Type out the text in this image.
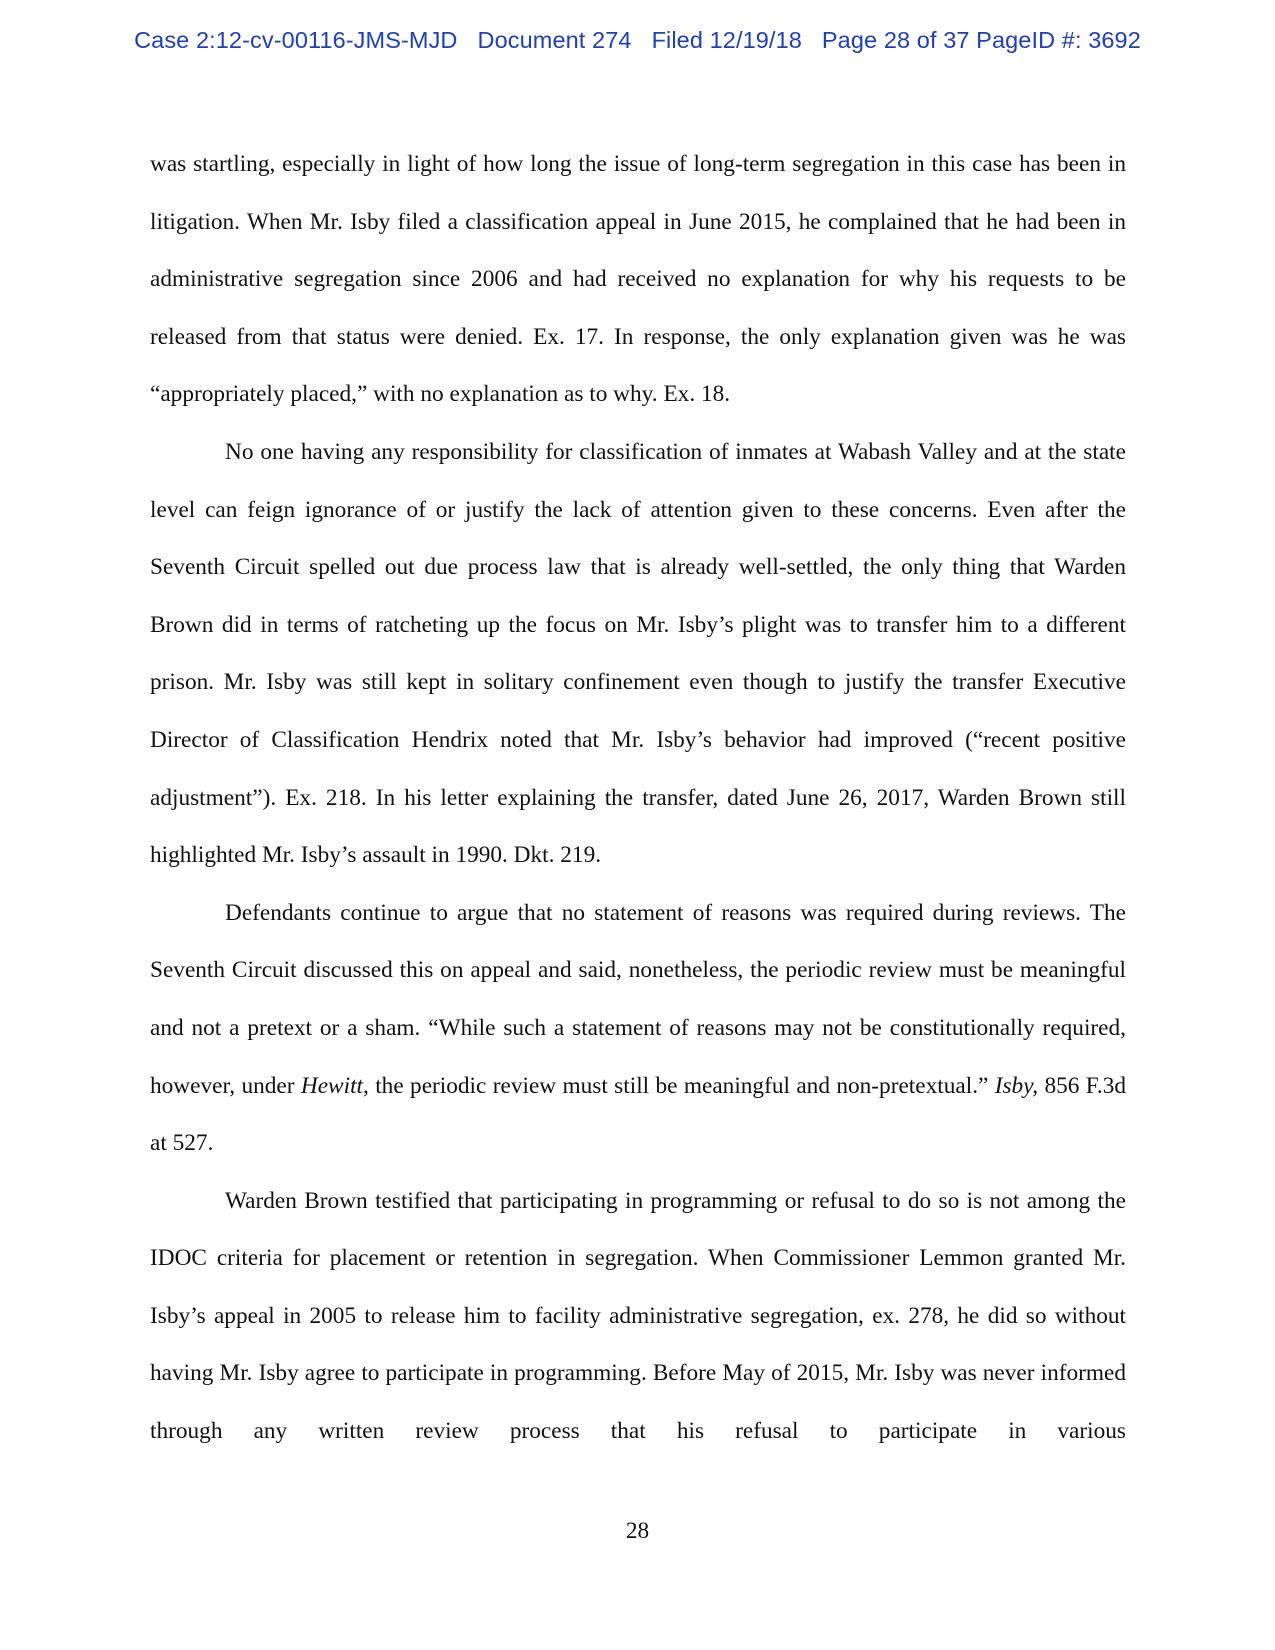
Case 2:12-cv-00116-JMS-MJD Document 274 Filed 12/19/18 Page 28 of 37 PageID #: 3692

was startling, especially in light of how long the issue of long-term segregation in this case has been in litigation. When Mr. Isby filed a classification appeal in June 2015, he complained that he had been in administrative segregation since 2006 and had received no explanation for why his requests to be released from that status were denied. Ex. 17. In response, the only explanation given was he was “appropriately placed,” with no explanation as to why. Ex. 18.

No one having any responsibility for classification of inmates at Wabash Valley and at the state level can feign ignorance of or justify the lack of attention given to these concerns. Even after the Seventh Circuit spelled out due process law that is already well-settled, the only thing that Warden Brown did in terms of ratcheting up the focus on Mr. Isby’s plight was to transfer him to a different prison. Mr. Isby was still kept in solitary confinement even though to justify the transfer Executive Director of Classification Hendrix noted that Mr. Isby’s behavior had improved (“recent positive adjustment”). Ex. 218. In his letter explaining the transfer, dated June 26, 2017, Warden Brown still highlighted Mr. Isby’s assault in 1990. Dkt. 219.

Defendants continue to argue that no statement of reasons was required during reviews. The Seventh Circuit discussed this on appeal and said, nonetheless, the periodic review must be meaningful and not a pretext or a sham. “While such a statement of reasons may not be constitutionally required, however, under Hewitt, the periodic review must still be meaningful and non-pretextual.” Isby, 856 F.3d at 527.

Warden Brown testified that participating in programming or refusal to do so is not among the IDOC criteria for placement or retention in segregation. When Commissioner Lemmon granted Mr. Isby’s appeal in 2005 to release him to facility administrative segregation, ex. 278, he did so without having Mr. Isby agree to participate in programming. Before May of 2015, Mr. Isby was never informed through any written review process that his refusal to participate in various

28
